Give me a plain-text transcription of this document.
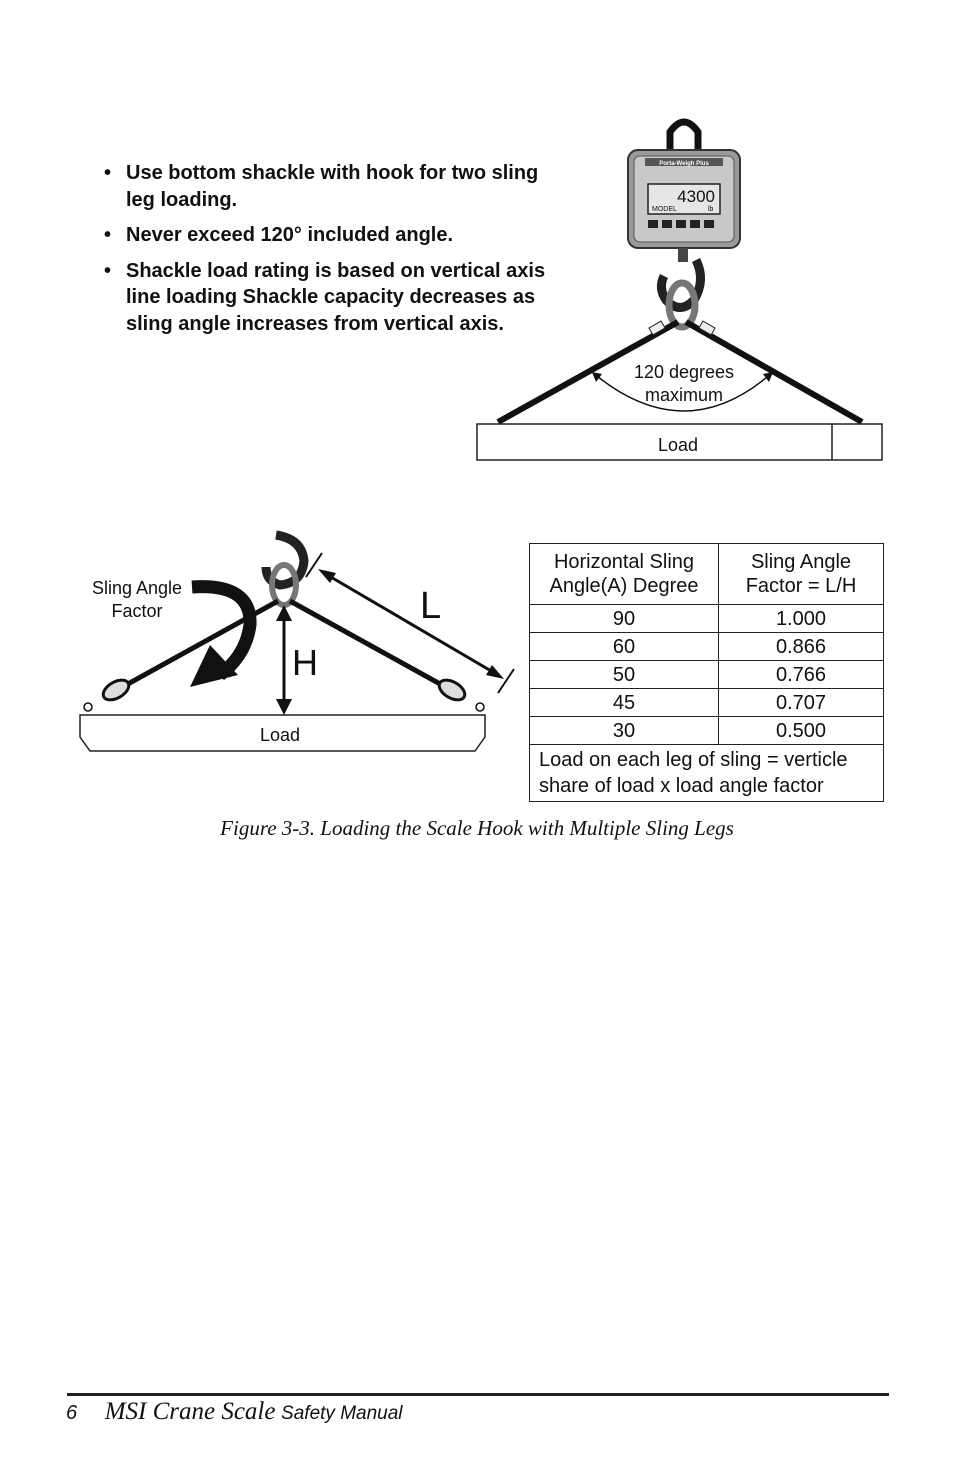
• Use bottom shackle with hook for two sling leg loading.
• Never exceed 120° included angle.
• Shackle load rating is based on vertical axis line loading Shackle capacity decreases as sling angle increases from vertical axis.
Porta-Weigh Plus
4300
MODEL	lb
120 degrees
maximum
Load
Sling Angle
Factor	L
H
Load
Horizontal Sling Angle(A) Degree	Sling Angle Factor = L/H
90	1.000
60	0.866
50	0.766
45	0.707
30	0.500
Load on each leg of sling = verticle share of load x load angle factor	
Figure 3-3. Loading the Scale Hook with Multiple Sling Legs
6 MSI Crane Scale Safety Manual
